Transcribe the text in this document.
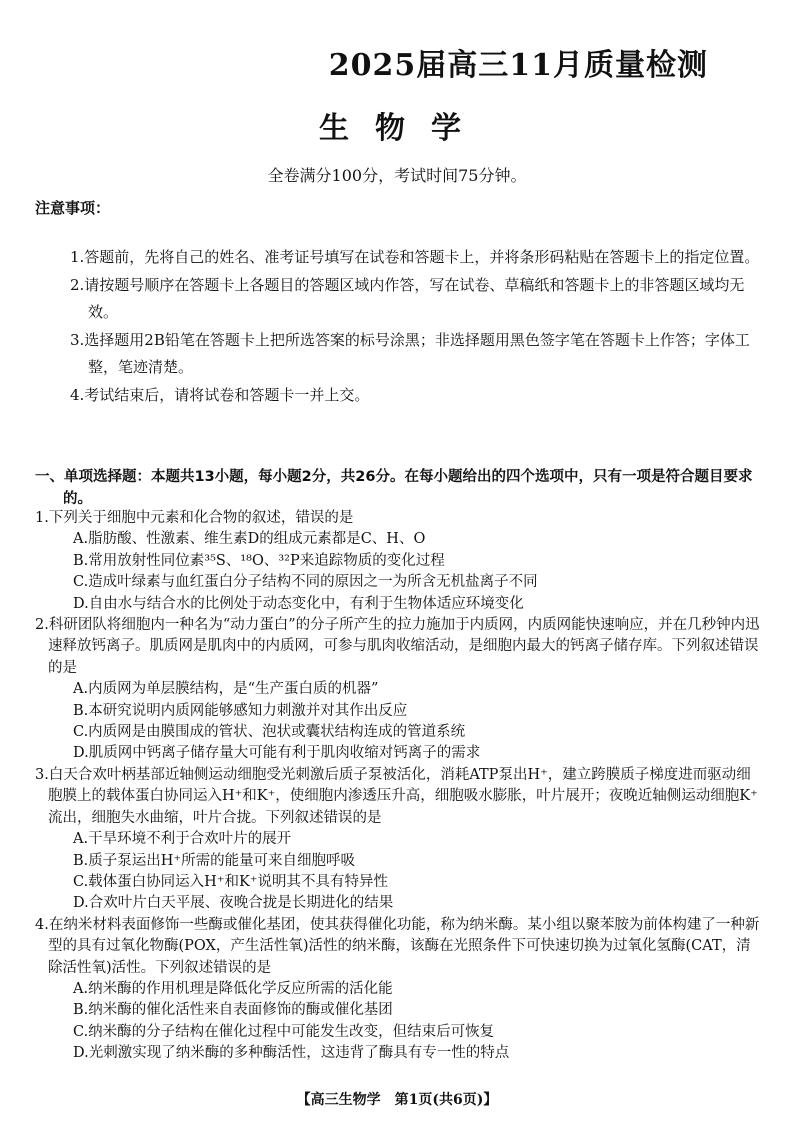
2025届高三11月质量检测
生物学
全卷满分100分，考试时间75分钟。
注意事项：
1.答题前，先将自己的姓名、准考证号填写在试卷和答题卡上，并将条形码粘贴在答题卡上的指定位置。
2.请按题号顺序在答题卡上各题目的答题区域内作答，写在试卷、草稿纸和答题卡上的非答题区域均无效。
3.选择题用2B铅笔在答题卡上把所选答案的标号涂黑；非选择题用黑色签字笔在答题卡上作答；字体工整，笔迹清楚。
4.考试结束后，请将试卷和答题卡一并上交。
一、单项选择题：本题共13小题，每小题2分，共26分。在每小题给出的四个选项中，只有一项是符合题目要求的。
1.下列关于细胞中元素和化合物的叙述，错误的是
A.脂肪酸、性激素、维生素D的组成元素都是C、H、O
B.常用放射性同位素³⁵S、¹⁸O、³²P来追踪物质的变化过程
C.造成叶绿素与血红蛋白分子结构不同的原因之一为所含无机盐离子不同
D.自由水与结合水的比例处于动态变化中，有利于生物体适应环境变化
2.科研团队将细胞内一种名为“动力蛋白”的分子所产生的拉力施加于内质网，内质网能快速响应，并在几秒钟内迅速释放钙离子。肌质网是肌肉中的内质网，可参与肌肉收缩活动，是细胞内最大的钙离子储存库。下列叙述错误的是
A.内质网为单层膜结构，是“生产蛋白质的机器”
B.本研究说明内质网能够感知力刺激并对其作出反应
C.内质网是由膜围成的管状、泡状或囊状结构连成的管道系统
D.肌质网中钙离子储存量大可能有利于肌肉收缩对钙离子的需求
3.白天合欢叶柄基部近轴侧运动细胞受光刺激后质子泵被活化，消耗ATP泵出H⁺，建立跨膜质子梯度进而驱动细胞膜上的载体蛋白协同运入H⁺和K⁺，使细胞内渗透压升高，细胞吸水膨胀，叶片展开；夜晚近轴侧运动细胞K⁺流出，细胞失水曲缩，叶片合拢。下列叙述错误的是
A.干旱环境不利于合欢叶片的展开
B.质子泵运出H⁺所需的能量可来自细胞呼吸
C.载体蛋白协同运入H⁺和K⁺说明其不具有特异性
D.合欢叶片白天平展、夜晚合拢是长期进化的结果
4.在纳米材料表面修饰一些酶或催化基团，使其获得催化功能，称为纳米酶。某小组以聚苯胺为前体构建了一种新型的具有过氧化物酶(POX，产生活性氧)活性的纳米酶，该酶在光照条件下可快速切换为过氧化氢酶(CAT，清除活性氧)活性。下列叙述错误的是
A.纳米酶的作用机理是降低化学反应所需的活化能
B.纳米酶的催化活性来自表面修饰的酶或催化基团
C.纳米酶的分子结构在催化过程中可能发生改变，但结束后可恢复
D.光刺激实现了纳米酶的多种酶活性，这违背了酶具有专一性的特点
【高三生物学　第1页(共6页)】
